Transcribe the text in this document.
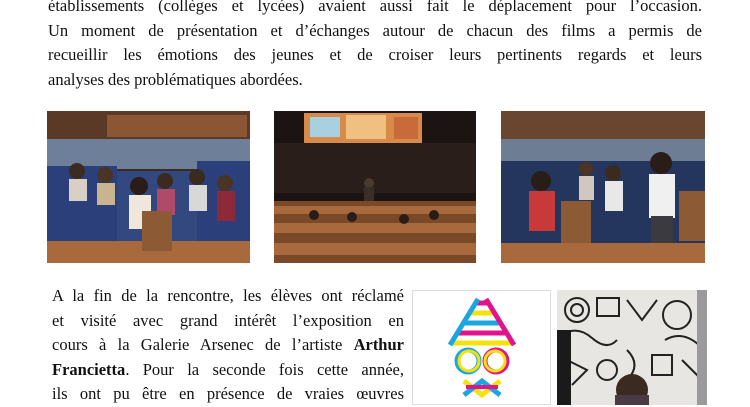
établissements (collèges et lycées) avaient aussi fait le déplacement pour l’occasion.
Un moment de présentation et d’échanges autour de chacun des films a permis de
recueillir les émotions des jeunes et de croiser leurs pertinents regards et leurs
analyses des problématiques abordées.
A la fin de la rencontre, les élèves ont réclamé
et visité avec grand intérêt l’exposition en
cours à la Galerie Arsenec de l’artiste Arthur
Francietta. Pour la seconde fois cette année,
ils ont pu être en présence de vraies œuvres
